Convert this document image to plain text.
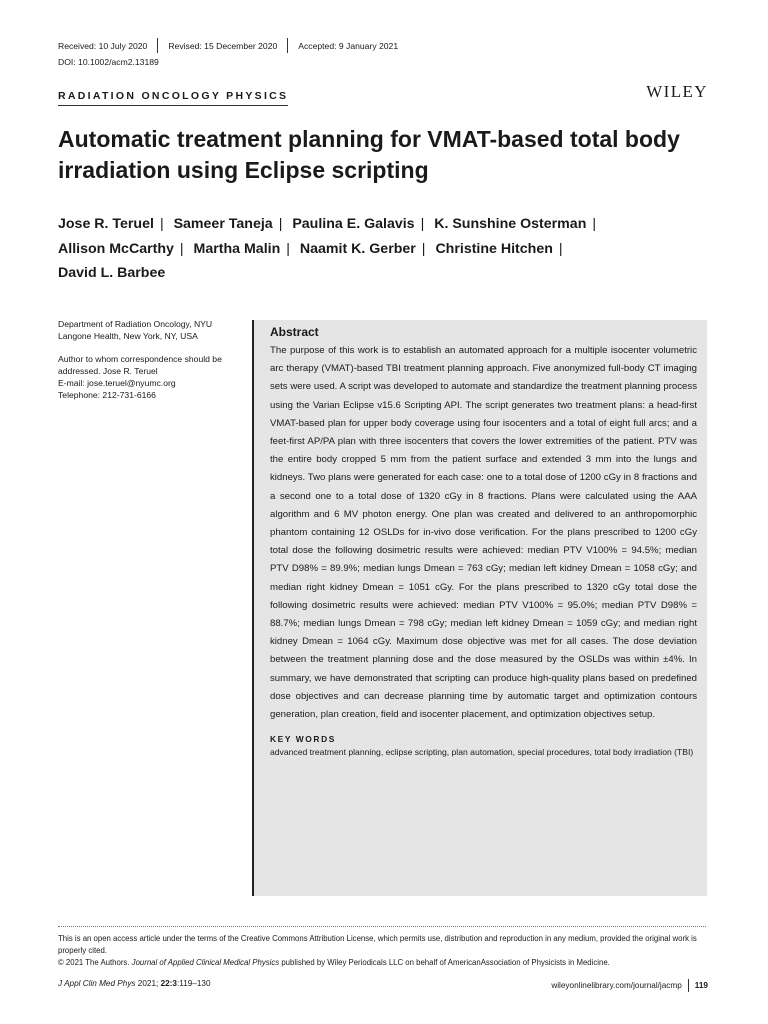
Received: 10 July 2020	Revised: 15 December 2020	Accepted: 9 January 2021
DOI: 10.1002/acm2.13189
RADIATION ONCOLOGY PHYSICS	WILEY
Automatic treatment planning for VMAT-based total body irradiation using Eclipse scripting
Jose R. Teruel | Sameer Taneja | Paulina E. Galavis | K. Sunshine Osterman |
Allison McCarthy | Martha Malin | Naamit K. Gerber | Christine Hitchen |
David L. Barbee

Department of Radiation Oncology, NYU Langone Health, New York, NY, USA

Author to whom correspondence should be addressed. Jose R. Teruel
E-mail: jose.teruel@nyumc.org
Telephone: 212-731-6166

Abstract

The purpose of this work is to establish an automated approach for a multiple isocenter volumetric arc therapy (VMAT)-based TBI treatment planning approach. Five anonymized full-body CT imaging sets were used. A script was developed to automate and standardize the treatment planning process using the Varian Eclipse v15.6 Scripting API. The script generates two treatment plans: a head-first VMAT-based plan for upper body coverage using four isocenters and a total of eight full arcs; and a feet-first AP/PA plan with three isocenters that covers the lower extremities of the patient. PTV was the entire body cropped 5 mm from the patient surface and extended 3 mm into the lungs and kidneys. Two plans were generated for each case: one to a total dose of 1200 cGy in 8 fractions and a second one to a total dose of 1320 cGy in 8 fractions. Plans were calculated using the AAA algorithm and 6 MV photon energy. One plan was created and delivered to an anthropomorphic phantom containing 12 OSLDs for in-vivo dose verification. For the plans prescribed to 1200 cGy total dose the following dosimetric results were achieved: median PTV V100% = 94.5%; median PTV D98% = 89.9%; median lungs Dmean = 763 cGy; median left kidney Dmean = 1058 cGy; and median right kidney Dmean = 1051 cGy. For the plans prescribed to 1320 cGy total dose the following dosimetric results were achieved: median PTV V100% = 95.0%; median PTV D98% = 88.7%; median lungs Dmean = 798 cGy; median left kidney Dmean = 1059 cGy; and median right kidney Dmean = 1064 cGy. Maximum dose objective was met for all cases. The dose deviation between the treatment planning dose and the dose measured by the OSLDs was within ±4%. In summary, we have demonstrated that scripting can produce high-quality plans based on predefined dose objectives and can decrease planning time by automatic target and optimization contours generation, plan creation, field and isocenter placement, and optimization objectives setup.

KEY WORDS
advanced treatment planning, eclipse scripting, plan automation, special procedures, total body irradiation (TBI)

This is an open access article under the terms of the Creative Commons Attribution License, which permits use, distribution and reproduction in any medium, provided the original work is properly cited.

© 2021 The Authors. Journal of Applied Clinical Medical Physics published by Wiley Periodicals LLC on behalf of AmericanAssociation of Physicists in Medicine.

J Appl Clin Med Phys 2021; 22:3:119–130	wileyonlinelibrary.com/journal/jacmp 119
